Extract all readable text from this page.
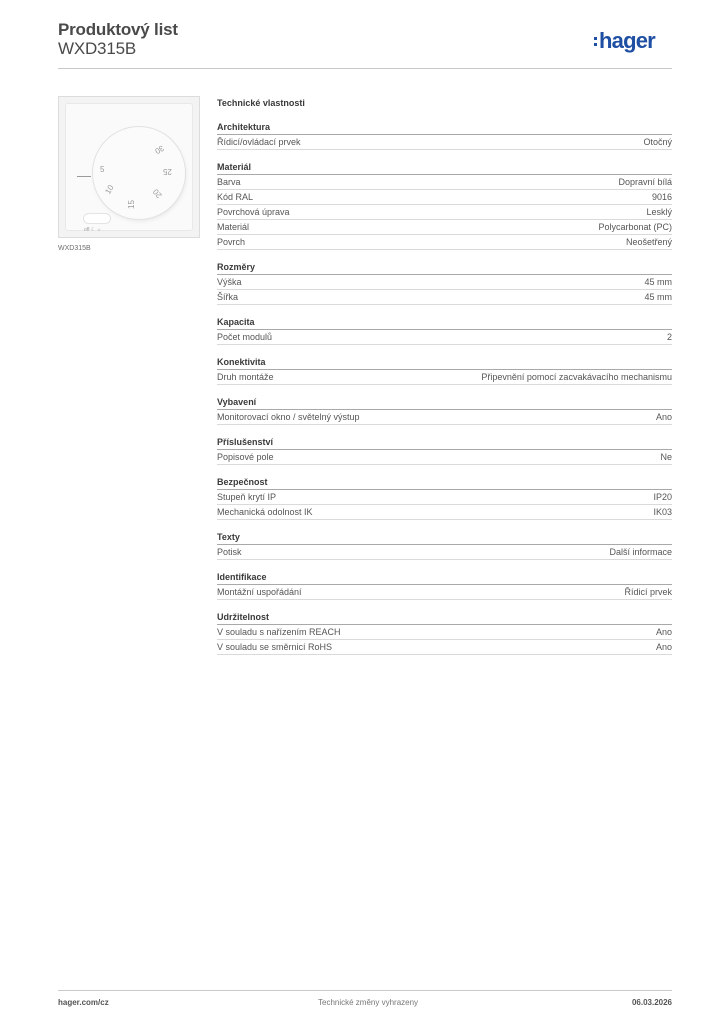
Produktový list
WXD315B	hager
5
10
15
20
25
30
off ☾ ☼
WXD315B
Technické vlastnosti
Architektura
Řídicí/ovládací prvek	Otočný
Materiál
Barva	Dopravní bílá
Kód RAL	9016
Povrchová úprava	Lesklý
Materiál	Polycarbonat (PC)
Povrch	Neošetřený
Rozměry
Výška	45 mm
Šířka	45 mm
Kapacita
Počet modulů	2
Konektivita
Druh montáže	Připevnění pomocí zacvakávacího mechanismu
Vybavení
Monitorovací okno / světelný výstup	Ano
Příslušenství
Popisové pole	Ne
Bezpečnost
Stupeň krytí IP	IP20
Mechanická odolnost IK	IK03
Texty
Potisk	Další informace
Identifikace
Montážní uspořádání	Řídicí prvek
Udržitelnost
V souladu s nařízením REACH	Ano
V souladu se směrnicí RoHS	Ano
hager.com/cz	Technické změny vyhrazeny	06.03.2026
